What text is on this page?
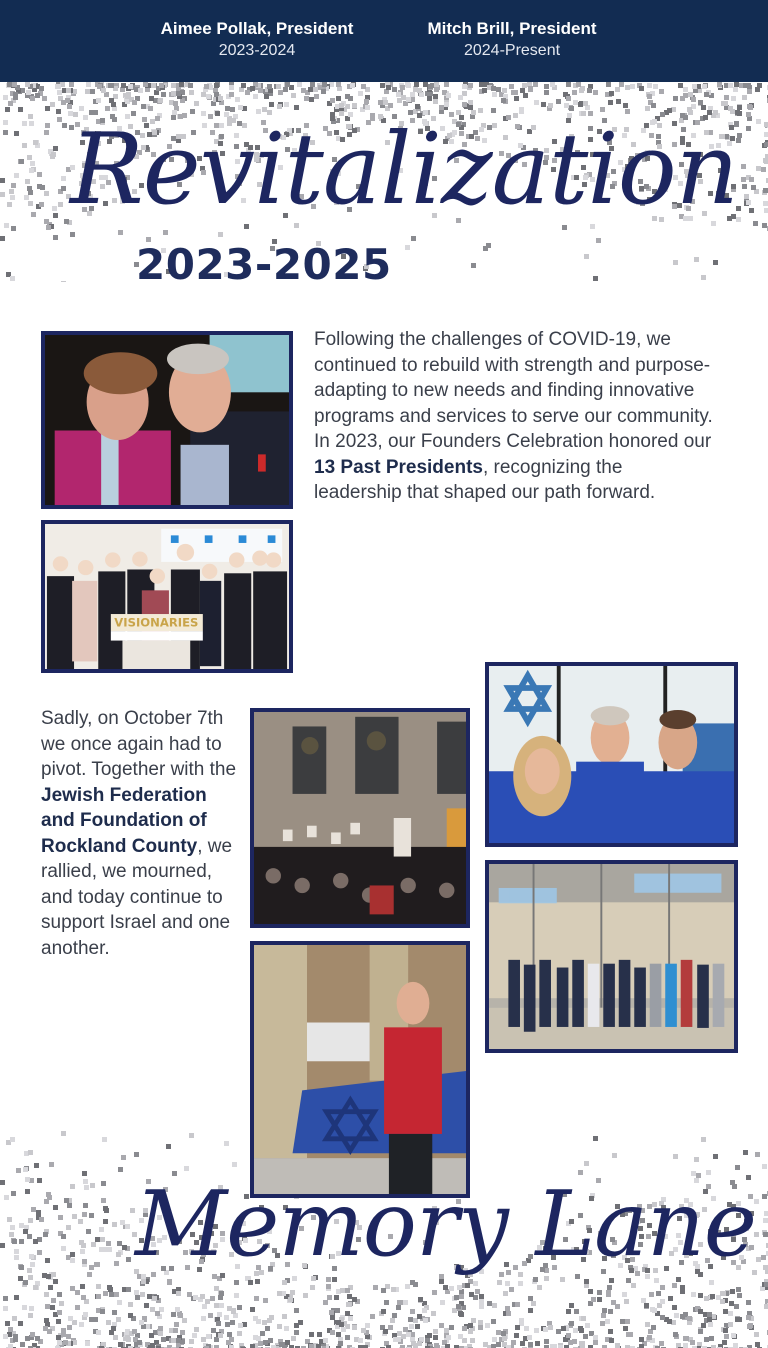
Aimee Pollak, President
2023-2024
Mitch Brill, President
2024-Present
Revitalization
2023-2025
VISIONARIES
Following the challenges of COVID-19, we continued to rebuild with strength and purpose-adapting to new needs and finding innovative programs and services to serve our community.
In 2023, our Founders Celebration honored our 13 Past Presidents, recognizing the leadership that shaped our path forward.
Sadly, on October 7th we once again had to pivot. Together with the Jewish Federation and Foundation of Rockland County, we rallied, we mourned, and today continue to support Israel and one another.
Memory Lane
